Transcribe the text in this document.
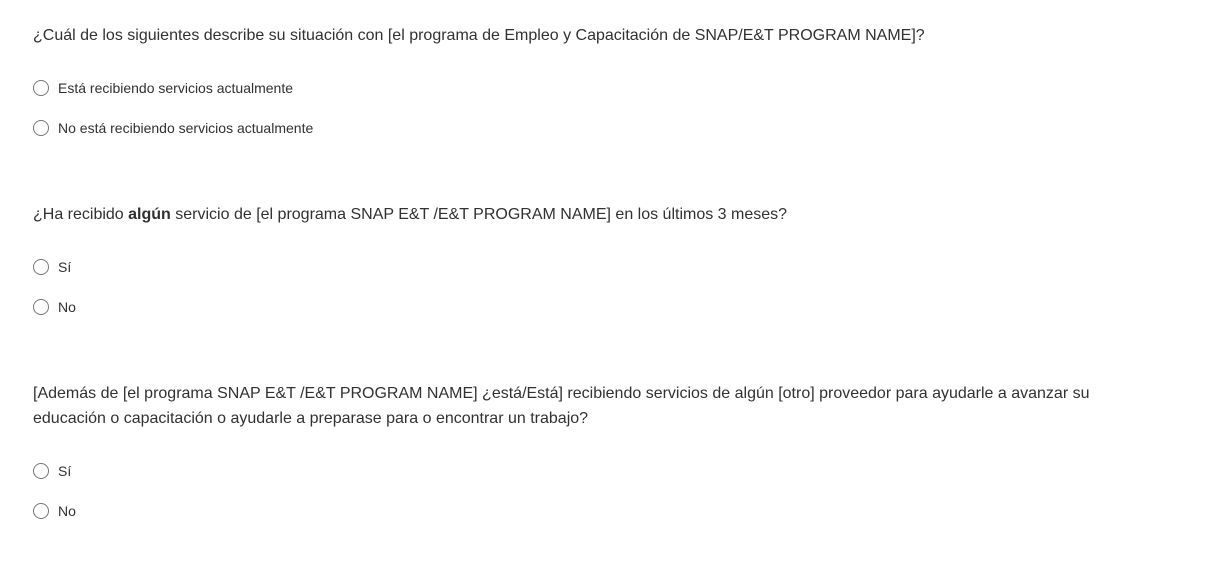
¿Cuál de los siguientes describe su situación con [el programa de Empleo y Capacitación de SNAP/E&T PROGRAM NAME]?
Está recibiendo servicios actualmente
No está recibiendo servicios actualmente
¿Ha recibido algún servicio de [el programa SNAP E&T /E&T PROGRAM NAME] en los últimos 3 meses?
Sí
No
[Además de [el programa SNAP E&T /E&T PROGRAM NAME] ¿está/Está] recibiendo servicios de algún [otro] proveedor para ayudarle a avanzar su educación o capacitación o ayudarle a preparase para o encontrar un trabajo?
Sí
No
